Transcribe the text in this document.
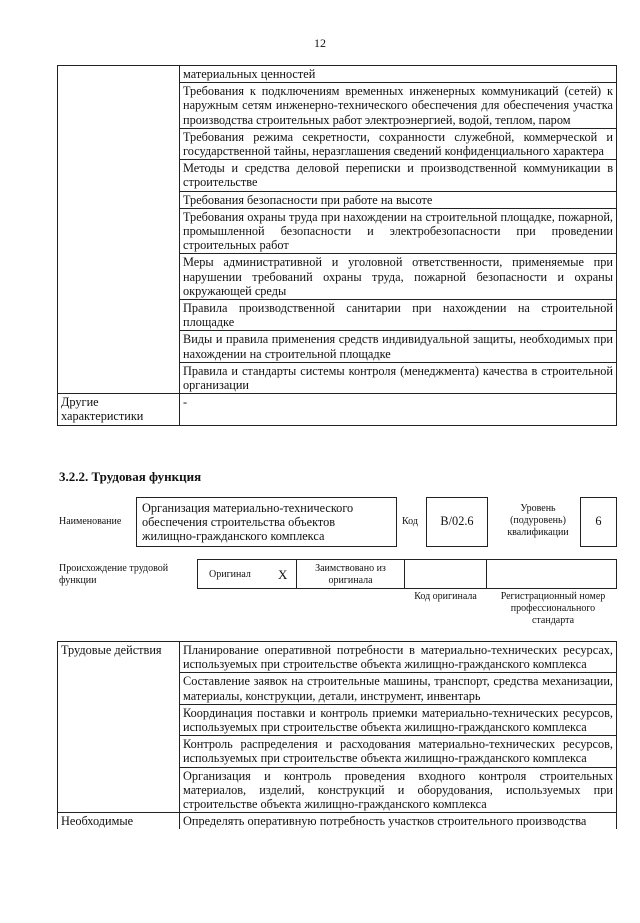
12
	материальных ценностей
	Требования к подключениям временных инженерных коммуникаций (сетей) к наружным сетям инженерно-технического обеспечения для обеспечения участка производства строительных работ электроэнергией, водой, теплом, паром
	Требования режима секретности, сохранности служебной, коммерческой и государственной тайны, неразглашения сведений конфиденциального характера
	Методы и средства деловой переписки и производственной коммуникации в строительстве
	Требования безопасности при работе на высоте
	Требования охраны труда при нахождении на строительной площадке, пожарной, промышленной безопасности и электробезопасности при проведении строительных работ
	Меры административной и уголовной ответственности, применяемые при нарушении требований охраны труда, пожарной безопасности и охраны окружающей среды
	Правила производственной санитарии при нахождении на строительной площадке
	Виды и правила применения средств индивидуальной защиты, необходимых при нахождении на строительной площадке
	Правила и стандарты системы контроля (менеджмента) качества в строительной организации
Другие характеристики	-
3.2.2. Трудовая функция
Наименование
Организация материально-технического обеспечения строительства объектов жилищно-гражданского комплекса
Код	В/02.6
Уровень (подуровень) квалификации
6
Происхождение трудовой функции
Оригинал X	Заимствовано из оригинала
Код оригинала	Регистрационный номер профессионального стандарта
Трудовые действия	Планирование оперативной потребности в материально-технических ресурсах, используемых при строительстве объекта жилищно-гражданского комплекса
	Составление заявок на строительные машины, транспорт, средства механизации, материалы, конструкции, детали, инструмент, инвентарь
	Координация поставки и контроль приемки материально-технических ресурсов, используемых при строительстве объекта жилищно-гражданского комплекса
	Контроль распределения и расходования материально-технических ресурсов, используемых при строительстве объекта жилищно-гражданского комплекса
	Организация и контроль проведения входного контроля строительных материалов, изделий, конструкций и оборудования, используемых при строительстве объекта жилищно-гражданского комплекса
Необходимые	Определять оперативную потребность участков строительного производства
